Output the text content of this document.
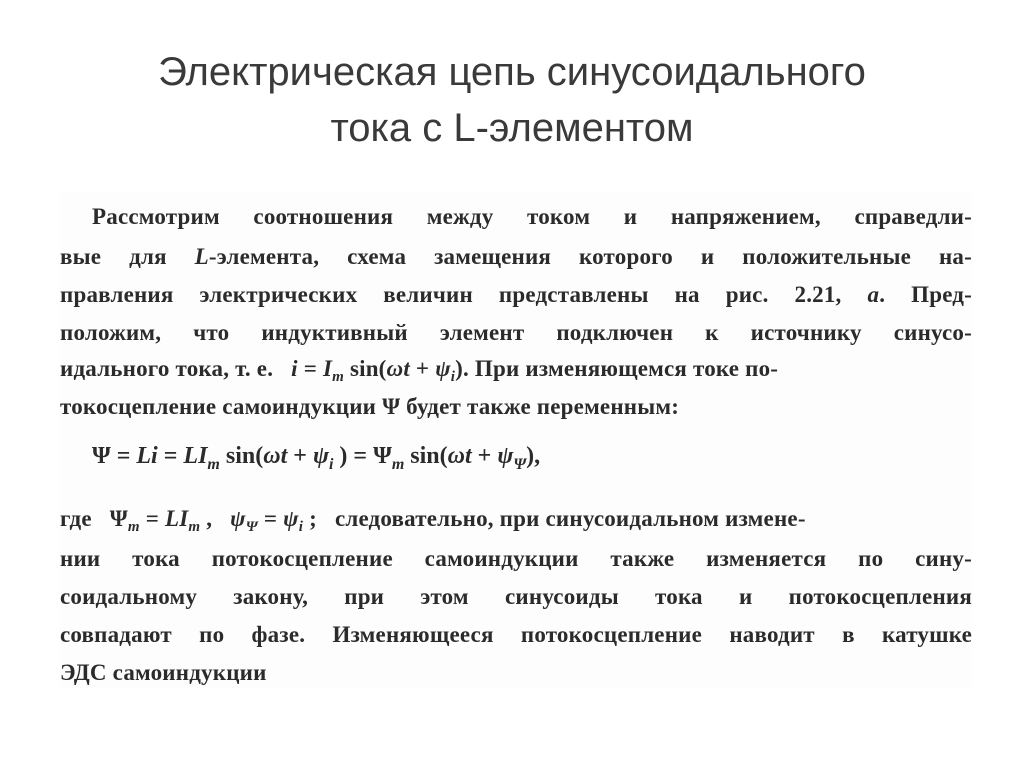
Электрическая цепь синусоидального
тока с L-элементом
Рассмотрим соотношения между током и напряжением, справедли-
вые для L-элемента, схема замещения которого и положительные на-
правления электрических величин представлены на рис. 2.21, а. Пред-
положим, что индуктивный элемент подключен к источнику синусо-
идального тока, т. е. $i = I_m$ $\sin(\omega t + \psi_i)$. При изменяющемся токе по-
токосцепление самоиндукции Ψ будет также переменным:
$\Psi = Li = LI_m$ $\sin(\omega t + \psi_i$ ) = $\Psi_m$ $\sin(\omega t + \psi_\Psi)$,
где $\Psi_m = LI_m$ , $\psi_\Psi = \psi_i$ ; следовательно, при синусоидальном измене-
нии тока потокосцепление самоиндукции также изменяется по сину-
соидальному закону, при этом синусоиды тока и потокосцепления
совпадают по фазе. Изменяющееся потокосцепление наводит в катушке
ЭДС самоиндукции
